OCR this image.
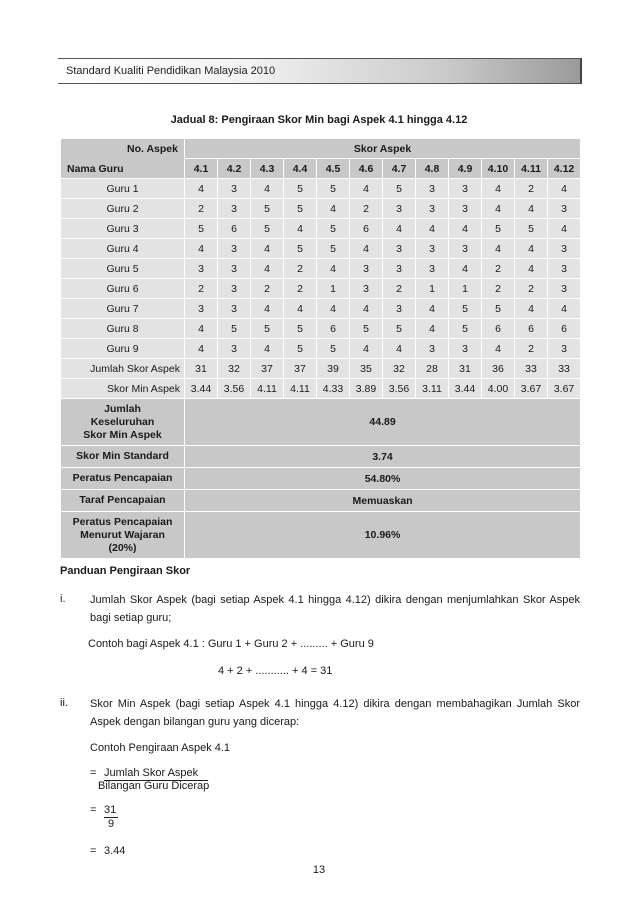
Standard Kualiti Pendidikan Malaysia 2010
Jadual 8: Pengiraan Skor Min bagi Aspek 4.1 hingga 4.12
No. Aspek
Nama Guru	Skor Aspek											
	4.1	4.2	4.3	4.4	4.5	4.6	4.7	4.8	4.9	4.10	4.11	4.12
Guru 1	4	3	4	5	5	4	5	3	3	4	2	4
Guru 2	2	3	5	5	4	2	3	3	3	4	4	3
Guru 3	5	6	5	4	5	6	4	4	4	5	5	4
Guru 4	4	3	4	5	5	4	3	3	3	4	4	3
Guru 5	3	3	4	2	4	3	3	3	4	2	4	3
Guru 6	2	3	2	2	1	3	2	1	1	2	2	3
Guru 7	3	3	4	4	4	4	3	4	5	5	4	4
Guru 8	4	5	5	5	6	5	5	4	5	6	6	6
Guru 9	4	3	4	5	5	4	4	3	3	4	2	3
Jumlah Skor Aspek	31	32	37	37	39	35	32	28	31	36	33	33
Skor Min Aspek	3.44	3.56	4.11	4.11	4.33	3.89	3.56	3.11	3.44	4.00	3.67	3.67
Jumlah
Keseluruhan
Skor Min Aspek	44.89											
Skor Min Standard	3.74											
Peratus Pencapaian	54.80%											
Taraf Pencapaian	Memuaskan											
Peratus Pencapaian
Menurut Wajaran
(20%)	10.96%											
Panduan Pengiraan Skor
i. Jumlah Skor Aspek (bagi setiap Aspek 4.1 hingga 4.12) dikira dengan menjumlahkan Skor Aspek bagi setiap guru;
Contoh bagi Aspek 4.1 : Guru 1 + Guru 2 + ......... + Guru 9
4 + 2 + ........... + 4 = 31
ii. Skor Min Aspek (bagi setiap Aspek 4.1 hingga 4.12) dikira dengan membahagikan Jumlah Skor Aspek dengan bilangan guru yang dicerap:
Contoh Pengiraan Aspek 4.1
= Jumlah Skor Aspek
Bilangan Guru Dicerap
= 31
9
= 3.44
13
